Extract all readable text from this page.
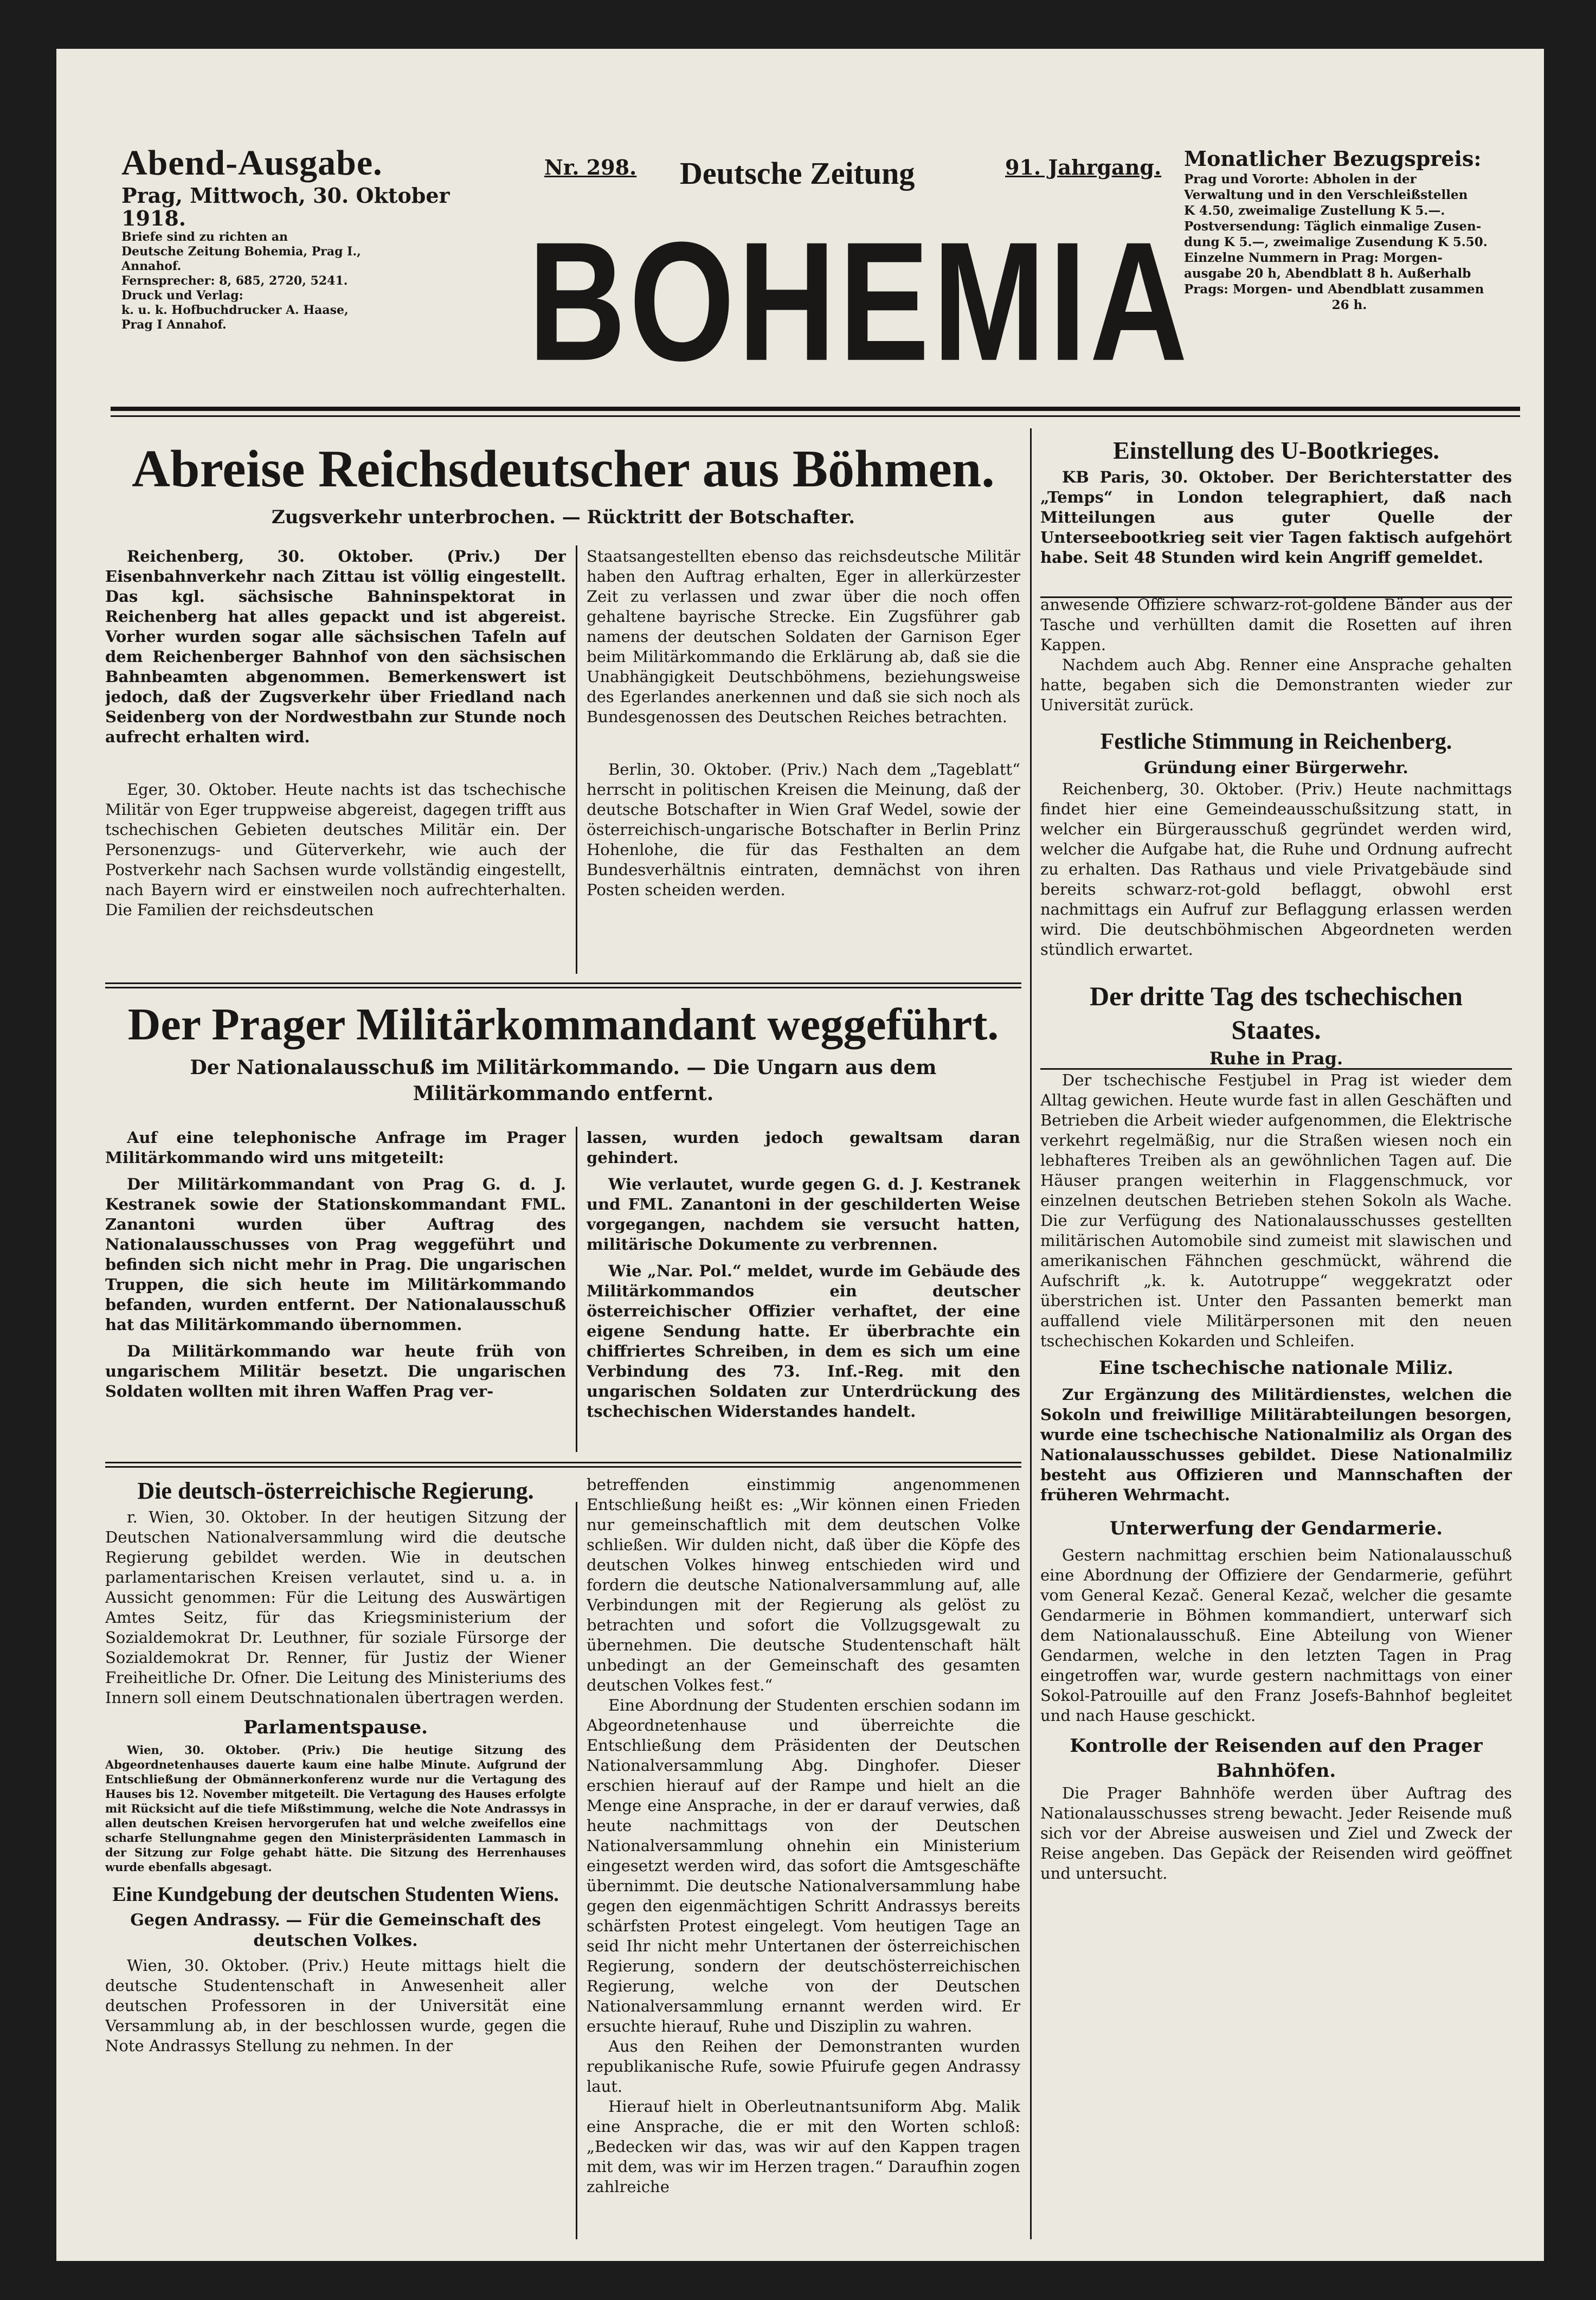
Abend-Ausgabe.
Prag, Mittwoch, 30. Oktober 1918.
Briefe sind zu richten an
Deutsche Zeitung Bohemia, Prag I.,
Annahof.
Fernsprecher: 8, 685, 2720, 5241.
Druck und Verlag:
k. u. k. Hofbuchdrucker A. Haase,
Prag I Annahof.
Nr. 298. Deutsche Zeitung	91. Jahrgang.
BOHEMIA
Monatlicher Bezugspreis:
Prag und Vororte: Abholen in der
Verwaltung und in den Verschleißstellen
K 4.50, zweimalige Zustellung K 5.—.
Postversendung: Täglich einmalige Zusen-
dung K 5.—, zweimalige Zusendung K 5.50.
Einzelne Nummern in Prag: Morgen-
ausgabe 20 h, Abendblatt 8 h. Außerhalb
Prags: Morgen- und Abendblatt zusammen
26 h.
Abreise Reichsdeutscher aus Böhmen.
Zugsverkehr unterbrochen. — Rücktritt der Botschafter.

Reichenberg, 30. Oktober. (Priv.) Der Eisenbahnverkehr nach Zittau ist völlig eingestellt. Das kgl. sächsische Bahninspektorat in Reichenberg hat alles gepackt und ist abgereist. Vorher wurden sogar alle sächsischen Tafeln auf dem Reichenberger Bahnhof von den sächsischen Bahnbeamten abgenommen. Bemerkenswert ist jedoch, daß der Zugsverkehr über Friedland nach Seidenberg von der Nordwestbahn zur Stunde noch aufrecht erhalten wird.

Eger, 30. Oktober. Heute nachts ist das tschechische Militär von Eger truppweise abgereist, dagegen trifft aus tschechischen Gebieten deutsches Militär ein. Der Personenzugs- und Güterverkehr, wie auch der Postverkehr nach Sachsen wurde vollständig eingestellt, nach Bayern wird er einstweilen noch aufrechterhalten. Die Familien der reichsdeutschen

Staatsangestellten ebenso das reichsdeutsche Militär haben den Auftrag erhalten, Eger in allerkürzester Zeit zu verlassen und zwar über die noch offen gehaltene bayrische Strecke. Ein Zugsführer gab namens der deutschen Soldaten der Garnison Eger beim Militärkommando die Erklärung ab, daß sie die Unabhängigkeit Deutschböhmens, beziehungsweise des Egerlandes anerkennen und daß sie sich noch als Bundesgenossen des Deutschen Reiches betrachten.

Berlin, 30. Oktober. (Priv.) Nach dem „Tageblatt“ herrscht in politischen Kreisen die Meinung, daß der deutsche Botschafter in Wien Graf Wedel, sowie der österreichisch-ungarische Botschafter in Berlin Prinz Hohenlohe, die für das Festhalten an dem Bundesverhältnis eintraten, demnächst von ihren Posten scheiden werden.

Der Prager Militärkommandant weggeführt.
Der Nationalausschuß im Militärkommando. — Die Ungarn aus dem Militärkommando entfernt.

Auf eine telephonische Anfrage im Prager Militärkommando wird uns mitgeteilt:

Der Militärkommandant von Prag G. d. J. Kestranek sowie der Stationskommandant FML. Zanantoni wurden über Auftrag des Nationalausschusses von Prag weggeführt und befinden sich nicht mehr in Prag. Die ungarischen Truppen, die sich heute im Militärkommando befanden, wurden entfernt. Der Nationalausschuß hat das Militärkommando übernommen.

Da Militärkommando war heute früh von ungarischem Militär besetzt. Die ungarischen Soldaten wollten mit ihren Waffen Prag ver-

lassen, wurden jedoch gewaltsam daran gehindert.

Wie verlautet, wurde gegen G. d. J. Kestranek und FML. Zanantoni in der geschilderten Weise vorgegangen, nachdem sie versucht hatten, militärische Dokumente zu verbrennen.

Wie „Nar. Pol.“ meldet, wurde im Gebäude des Militärkommandos ein deutscher österreichischer Offizier verhaftet, der eine eigene Sendung hatte. Er überbrachte ein chiffriertes Schreiben, in dem es sich um eine Verbindung des 73. Inf.-Reg. mit den ungarischen Soldaten zur Unterdrückung des tschechischen Widerstandes handelt.

Die deutsch-österreichische Regierung.

r. Wien, 30. Oktober. In der heutigen Sitzung der Deutschen Nationalversammlung wird die deutsche Regierung gebildet werden. Wie in deutschen parlamentarischen Kreisen verlautet, sind u. a. in Aussicht genommen: Für die Leitung des Auswärtigen Amtes Seitz, für das Kriegsministerium der Sozialdemokrat Dr. Leuthner, für soziale Fürsorge der Sozialdemokrat Dr. Renner, für Justiz der Wiener Freiheitliche Dr. Ofner. Die Leitung des Ministeriums des Innern soll einem Deutschnationalen übertragen werden.

Parlamentspause.

Wien, 30. Oktober. (Priv.) Die heutige Sitzung des Abgeordnetenhauses dauerte kaum eine halbe Minute. Aufgrund der Entschließung der Obmännerkonferenz wurde nur die Vertagung des Hauses bis 12. November mitgeteilt. Die Vertagung des Hauses erfolgte mit Rücksicht auf die tiefe Mißstimmung, welche die Note Andrassys in allen deutschen Kreisen hervorgerufen hat und welche zweifellos eine scharfe Stellungnahme gegen den Ministerpräsidenten Lammasch in der Sitzung zur Folge gehabt hätte. Die Sitzung des Herrenhauses wurde ebenfalls abgesagt.

Eine Kundgebung der deutschen Studenten Wiens.
Gegen Andrassy. — Für die Gemeinschaft des deutschen Volkes.

Wien, 30. Oktober. (Priv.) Heute mittags hielt die deutsche Studentenschaft in Anwesenheit aller deutschen Professoren in der Universität eine Versammlung ab, in der beschlossen wurde, gegen die Note Andrassys Stellung zu nehmen. In der

betreffenden einstimmig angenommenen Entschließung heißt es: „Wir können einen Frieden nur gemeinschaftlich mit dem deutschen Volke schließen. Wir dulden nicht, daß über die Köpfe des deutschen Volkes hinweg entschieden wird und fordern die deutsche Nationalversammlung auf, alle Verbindungen mit der Regierung als gelöst zu betrachten und sofort die Vollzugsgewalt zu übernehmen. Die deutsche Studentenschaft hält unbedingt an der Gemeinschaft des gesamten deutschen Volkes fest.“

Eine Abordnung der Studenten erschien sodann im Abgeordnetenhause und überreichte die Entschließung dem Präsidenten der Deutschen Nationalversammlung Abg. Dinghofer. Dieser erschien hierauf auf der Rampe und hielt an die Menge eine Ansprache, in der er darauf verwies, daß heute nachmittags von der Deutschen Nationalversammlung ohnehin ein Ministerium eingesetzt werden wird, das sofort die Amtsgeschäfte übernimmt. Die deutsche Nationalversammlung habe gegen den eigenmächtigen Schritt Andrassys bereits schärfsten Protest eingelegt. Vom heutigen Tage an seid Ihr nicht mehr Untertanen der österreichischen Regierung, sondern der deutschösterreichischen Regierung, welche von der Deutschen Nationalversammlung ernannt werden wird. Er ersuchte hierauf, Ruhe und Disziplin zu wahren.

Aus den Reihen der Demonstranten wurden republikanische Rufe, sowie Pfuirufe gegen Andrassy laut.

Hierauf hielt in Oberleutnantsuniform Abg. Malik eine Ansprache, die er mit den Worten schloß: „Bedecken wir das, was wir auf den Kappen tragen mit dem, was wir im Herzen tragen.“ Daraufhin zogen zahlreiche

Einstellung des U-Bootkrieges.

KB Paris, 30. Oktober. Der Berichterstatter des „Temps“ in London telegraphiert, daß nach Mitteilungen aus guter Quelle der Unterseebootkrieg seit vier Tagen faktisch aufgehört habe. Seit 48 Stunden wird kein Angriff gemeldet.

anwesende Offiziere schwarz-rot-goldene Bänder aus der Tasche und verhüllten damit die Rosetten auf ihren Kappen.

Nachdem auch Abg. Renner eine Ansprache gehalten hatte, begaben sich die Demonstranten wieder zur Universität zurück.

Festliche Stimmung in Reichenberg.
Gründung einer Bürgerwehr.

Reichenberg, 30. Oktober. (Priv.) Heute nachmittags findet hier eine Gemeindeausschußsitzung statt, in welcher ein Bürgerausschuß gegründet werden wird, welcher die Aufgabe hat, die Ruhe und Ordnung aufrecht zu erhalten. Das Rathaus und viele Privatgebäude sind bereits schwarz-rot-gold beflaggt, obwohl erst nachmittags ein Aufruf zur Beflaggung erlassen werden wird. Die deutschböhmischen Abgeordneten werden stündlich erwartet.

Der dritte Tag des tschechischen Staates.
Ruhe in Prag.

Der tschechische Festjubel in Prag ist wieder dem Alltag gewichen. Heute wurde fast in allen Geschäften und Betrieben die Arbeit wieder aufgenommen, die Elektrische verkehrt regelmäßig, nur die Straßen wiesen noch ein lebhafteres Treiben als an gewöhnlichen Tagen auf. Die Häuser prangen weiterhin in Flaggenschmuck, vor einzelnen deutschen Betrieben stehen Sokoln als Wache. Die zur Verfügung des Nationalausschusses gestellten militärischen Automobile sind zumeist mit slawischen und amerikanischen Fähnchen geschmückt, während die Aufschrift „k. k. Autotruppe“ weggekratzt oder überstrichen ist. Unter den Passanten bemerkt man auffallend viele Militärpersonen mit den neuen tschechischen Kokarden und Schleifen.

Eine tschechische nationale Miliz.

Zur Ergänzung des Militärdienstes, welchen die Sokoln und freiwillige Militärabteilungen besorgen, wurde eine tschechische Nationalmiliz als Organ des Nationalausschusses gebildet. Diese Nationalmiliz besteht aus Offizieren und Mannschaften der früheren Wehrmacht.

Unterwerfung der Gendarmerie.

Gestern nachmittag erschien beim Nationalausschuß eine Abordnung der Offiziere der Gendarmerie, geführt vom General Kezač. General Kezač, welcher die gesamte Gendarmerie in Böhmen kommandiert, unterwarf sich dem Nationalausschuß. Eine Abteilung von Wiener Gendarmen, welche in den letzten Tagen in Prag eingetroffen war, wurde gestern nachmittags von einer Sokol-Patrouille auf den Franz Josefs-Bahnhof begleitet und nach Hause geschickt.

Kontrolle der Reisenden auf den Prager Bahnhöfen.

Die Prager Bahnhöfe werden über Auftrag des Nationalausschusses streng bewacht. Jeder Reisende muß sich vor der Abreise ausweisen und Ziel und Zweck der Reise angeben. Das Gepäck der Reisenden wird geöffnet und untersucht.
